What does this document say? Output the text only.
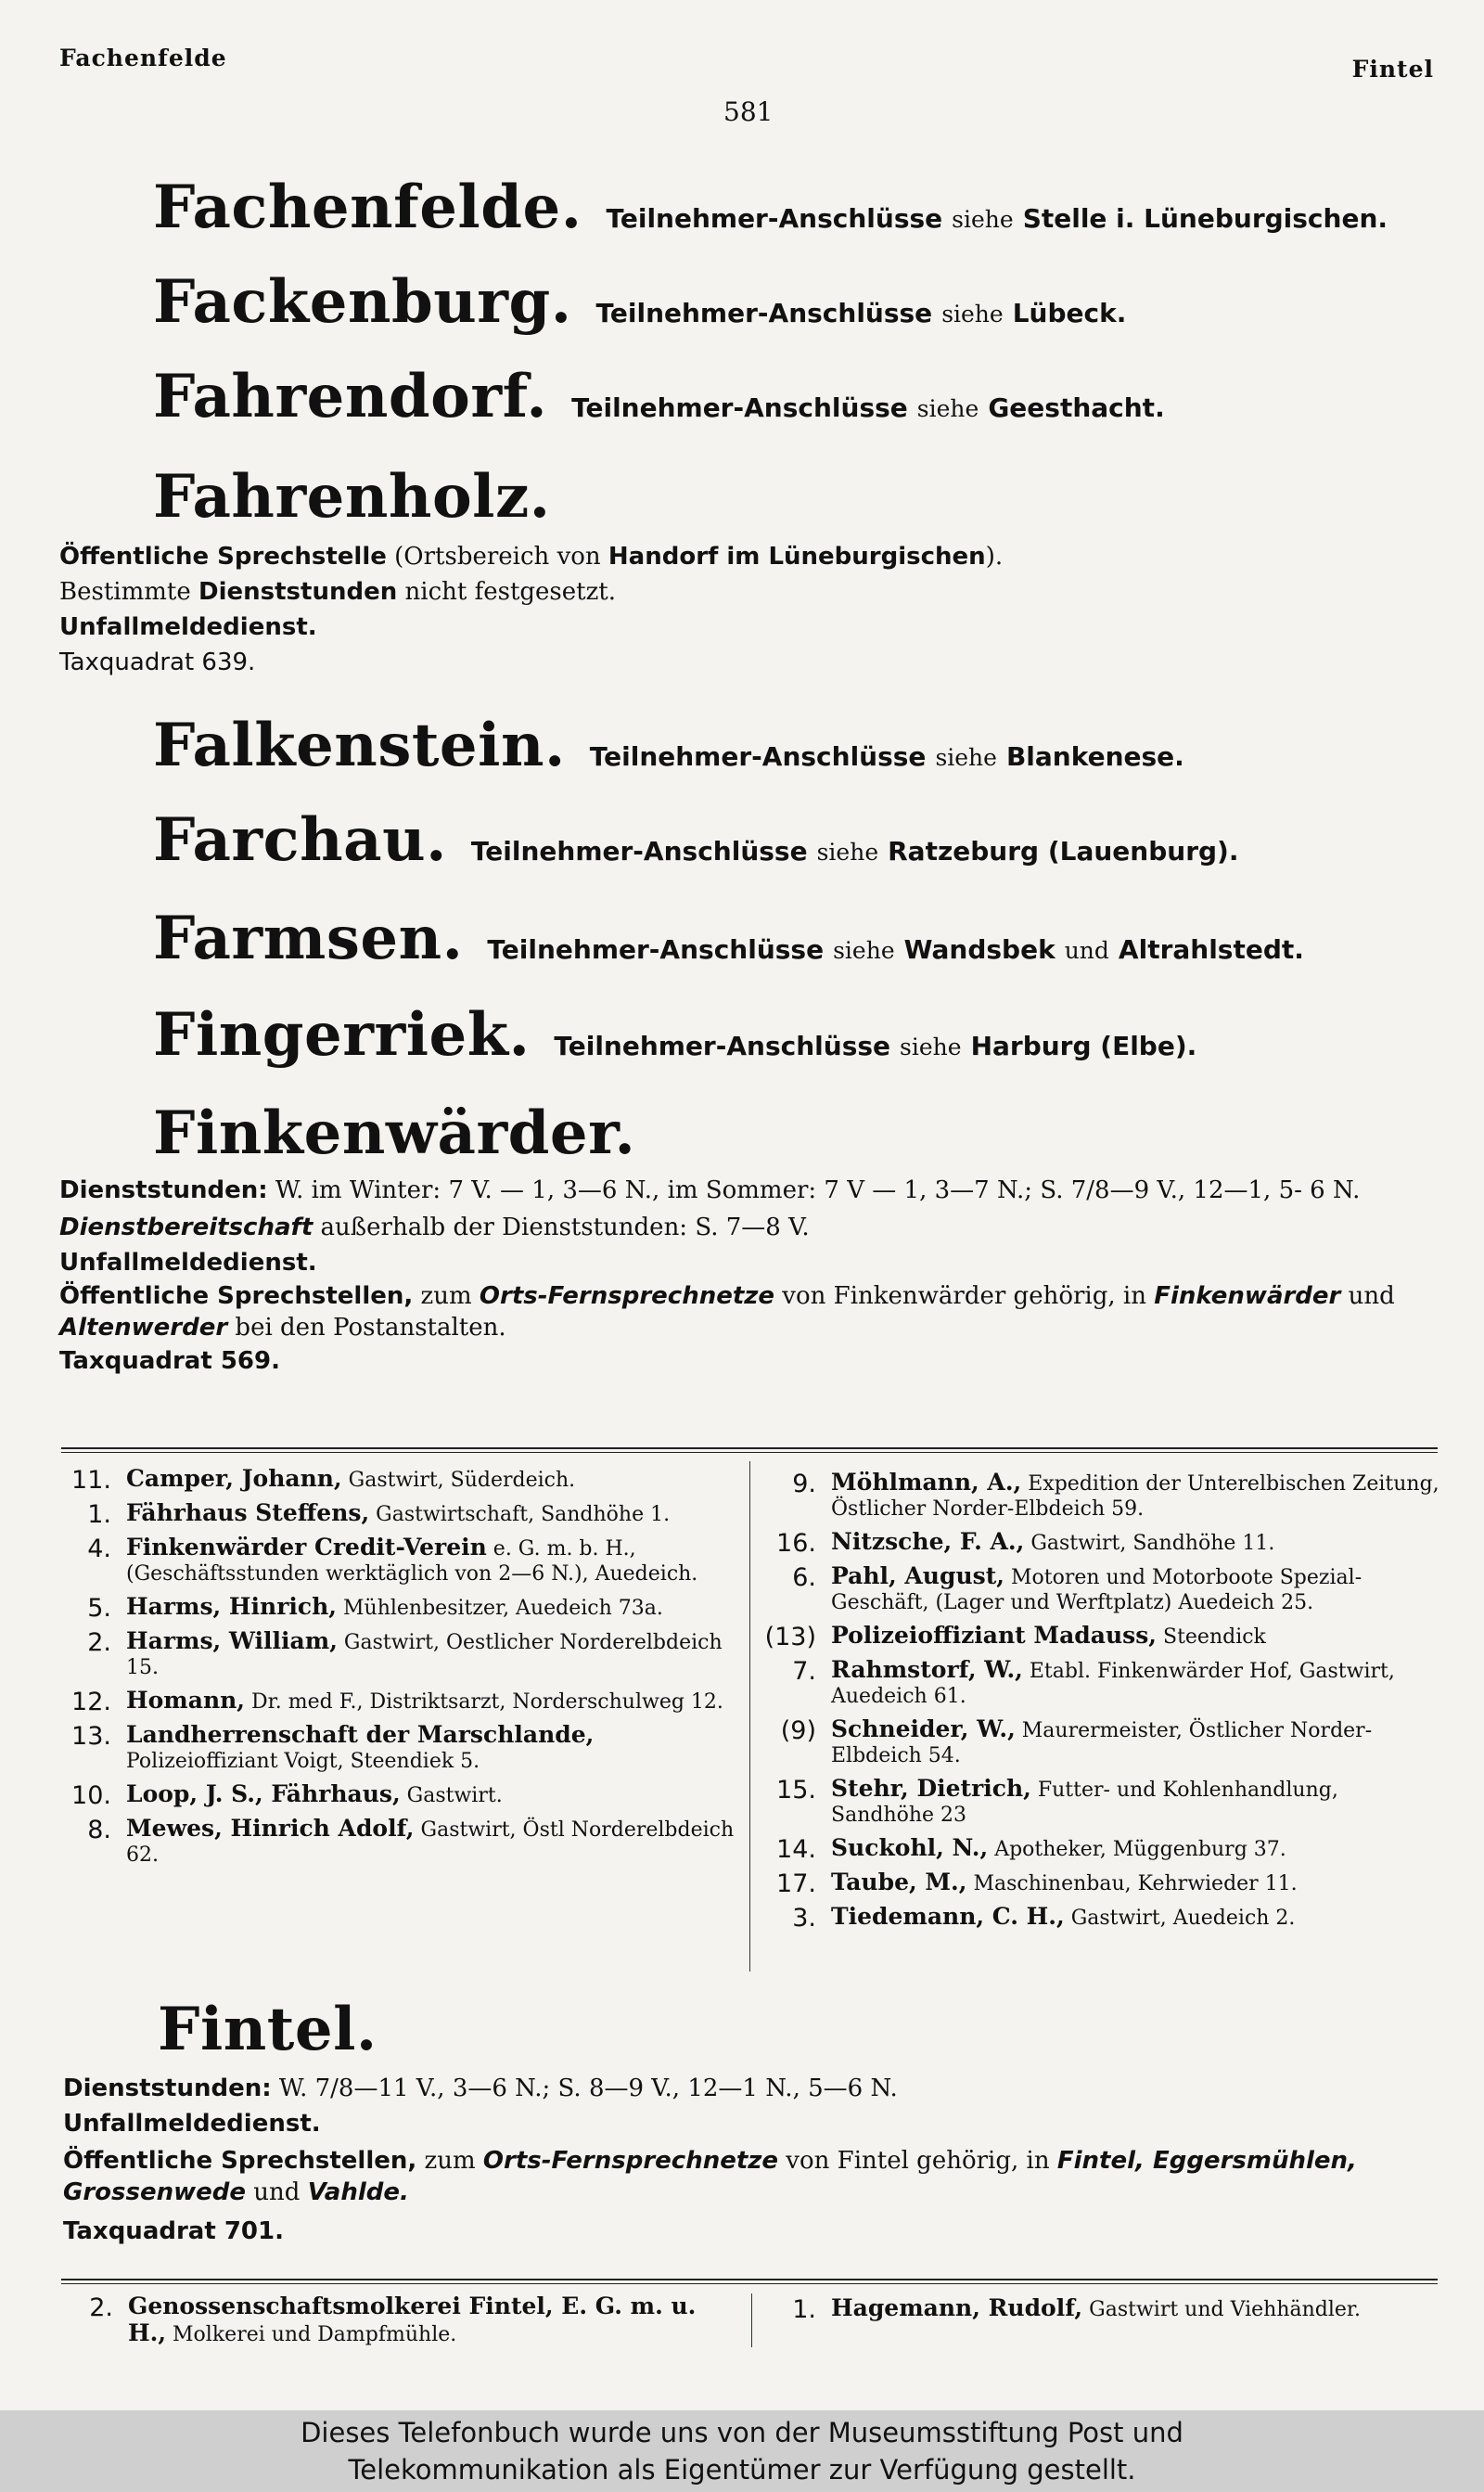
Fachenfelde	Fintel
581
Fachenfelde. Teilnehmer-Anschlüsse siehe Stelle i. Lüneburgischen.
Fackenburg. Teilnehmer-Anschlüsse siehe Lübeck.
Fahrendorf. Teilnehmer-Anschlüsse siehe Geesthacht.
Fahrenholz.

Öffentliche Sprechstelle (Ortsbereich von Handorf im Lüneburgischen).

Bestimmte Dienststunden nicht festgesetzt.

Unfallmeldedienst.

Taxquadrat 639.

Falkenstein. Teilnehmer-Anschlüsse siehe Blankenese.
Farchau. Teilnehmer-Anschlüsse siehe Ratzeburg (Lauenburg).
Farmsen. Teilnehmer-Anschlüsse siehe Wandsbek und Altrahlstedt.
Fingerriek. Teilnehmer-Anschlüsse siehe Harburg (Elbe).
Finkenwärder.

Dienststunden: W. im Winter: 7 V. — 1, 3—6 N., im Sommer: 7 V — 1, 3—7 N.; S. 7/8—9 V., 12—1, 5- 6 N.

Dienstbereitschaft außerhalb der Dienststunden: S. 7—8 V.

Unfallmeldedienst.

Öffentliche Sprechstellen, zum Orts-Fernsprechnetze von Finkenwärder gehörig, in Finkenwärder und Altenwerder bei den Postanstalten.

Taxquadrat 569.

11. Camper, Johann, Gastwirt, Süderdeich.
1. Fährhaus Steffens, Gastwirtschaft, Sandhöhe 1.
4. Finkenwärder Credit-Verein e. G. m. b. H., (Geschäftsstunden werktäglich von 2—6 N.), Auedeich.
5. Harms, Hinrich, Mühlenbesitzer, Auedeich 73a.
2. Harms, William, Gastwirt, Oestlicher Norderelbdeich 15.
12. Homann, Dr. med F., Distriktsarzt, Norderschulweg 12.
13. Landherrenschaft der Marschlande, Polizeioffiziant Voigt, Steendiek 5.
10. Loop, J. S., Fährhaus, Gastwirt.
8. Mewes, Hinrich Adolf, Gastwirt, Östl Norderelbdeich 62.
9. Möhlmann, A., Expedition der Unterelbischen Zeitung, Östlicher Norder-Elbdeich 59.
16. Nitzsche, F. A., Gastwirt, Sandhöhe 11.
6. Pahl, August, Motoren und Motorboote Spezial-Geschäft, (Lager und Werftplatz) Auedeich 25.
(13) Polizeioffiziant Madauss, Steendick
7. Rahmstorf, W., Etabl. Finkenwärder Hof, Gastwirt, Auedeich 61.
(9) Schneider, W., Maurermeister, Östlicher Norder-Elbdeich 54.
15. Stehr, Dietrich, Futter- und Kohlenhandlung, Sandhöhe 23
14. Suckohl, N., Apotheker, Müggenburg 37.
17. Taube, M., Maschinenbau, Kehrwieder 11.
3. Tiedemann, C. H., Gastwirt, Auedeich 2.
Fintel.

Dienststunden: W. 7/8—11 V., 3—6 N.; S. 8—9 V., 12—1 N., 5—6 N.

Unfallmeldedienst.

Öffentliche Sprechstellen, zum Orts-Fernsprechnetze von Fintel gehörig, in Fintel, Eggersmühlen, Grossenwede und Vahlde.

Taxquadrat 701.

2. Genossenschaftsmolkerei Fintel, E. G. m. u. H., Molkerei und Dampfmühle.
1. Hagemann, Rudolf, Gastwirt und Viehhändler.

Dieses Telefonbuch wurde uns von der Museumsstiftung Post und

Telekommunikation als Eigentümer zur Verfügung gestellt.
